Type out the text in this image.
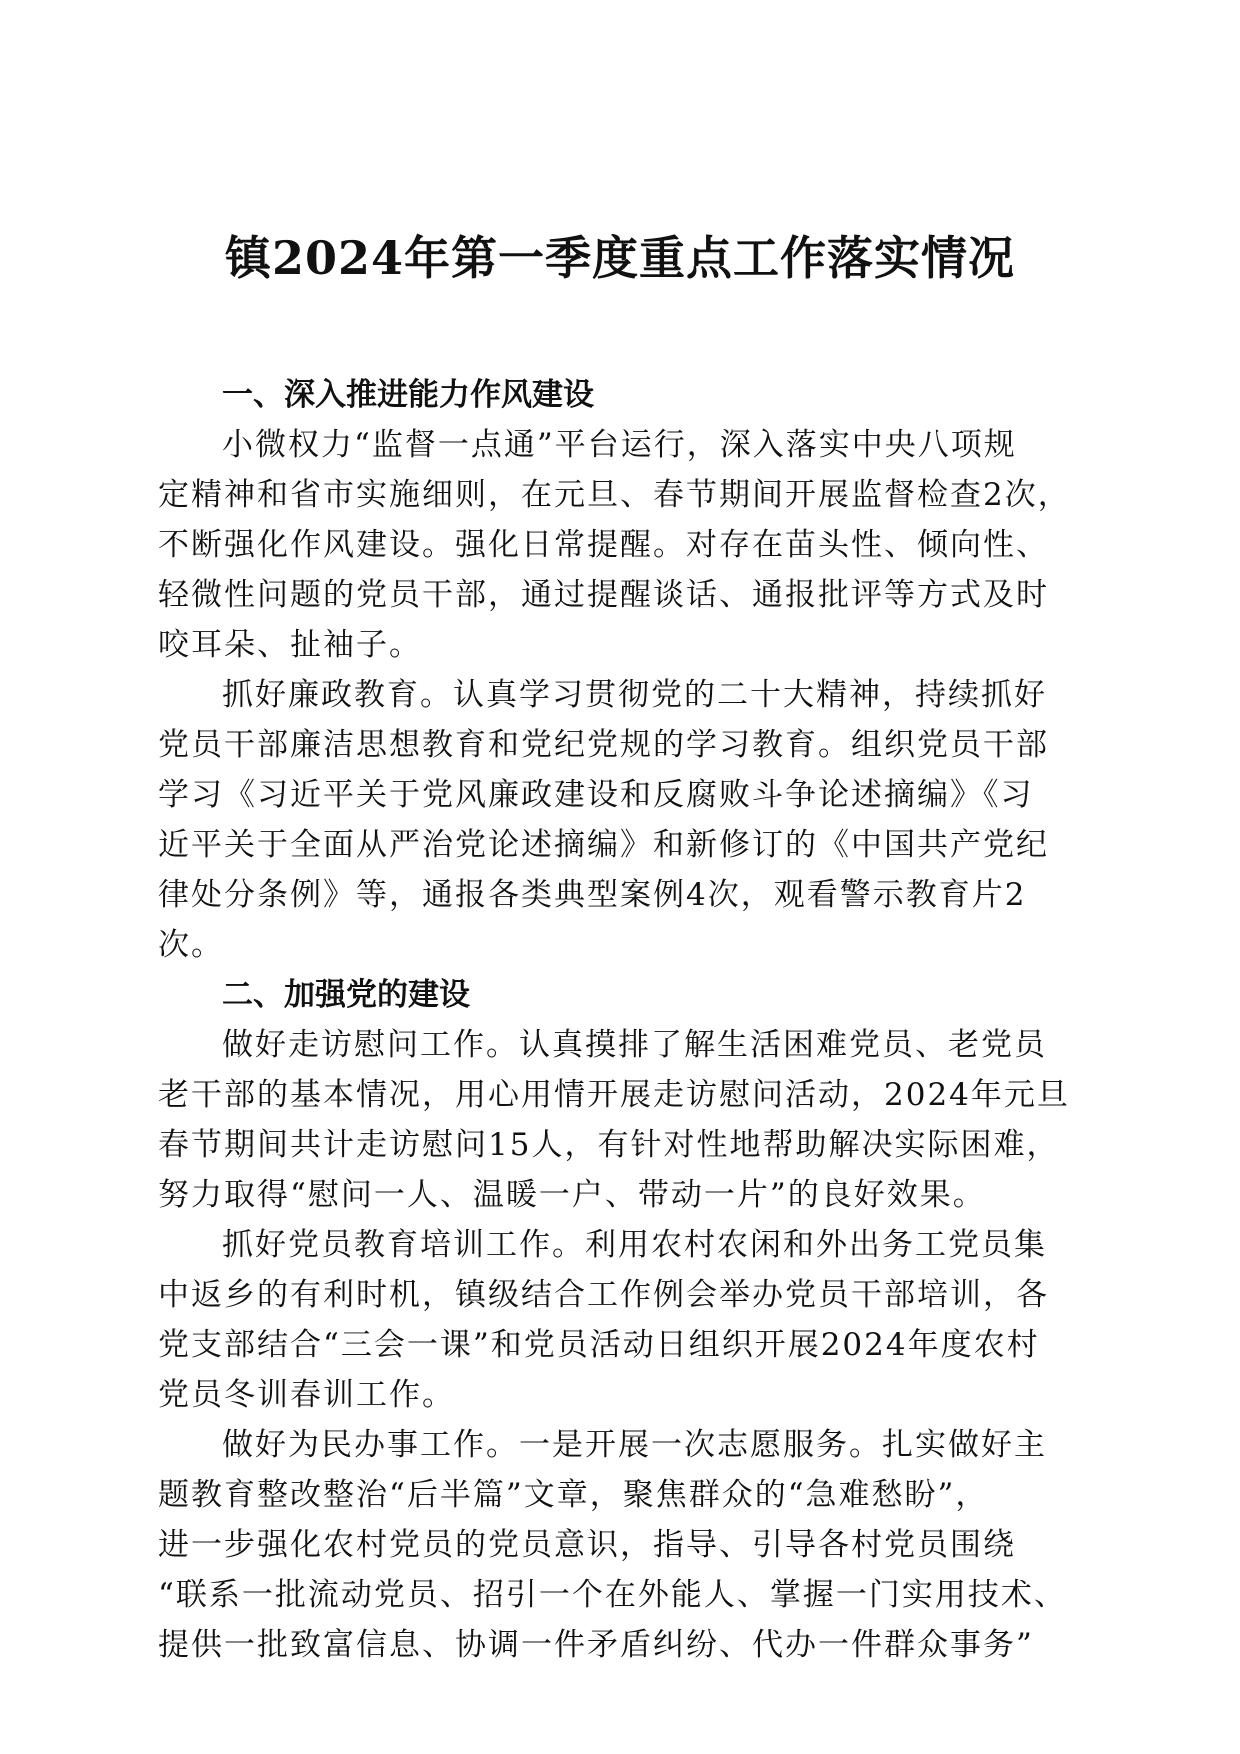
镇2024年第一季度重点工作落实情况
一、深入推进能力作风建设

小微权力“监督一点通”平台运行，深入落实中央八项规
定精神和省市实施细则，在元旦、春节期间开展监督检查2次，
不断强化作风建设。强化日常提醒。对存在苗头性、倾向性、
轻微性问题的党员干部，通过提醒谈话、通报批评等方式及时
咬耳朵、扯袖子。

抓好廉政教育。认真学习贯彻党的二十大精神，持续抓好
党员干部廉洁思想教育和党纪党规的学习教育。组织党员干部
学习《习近平关于党风廉政建设和反腐败斗争论述摘编》《习
近平关于全面从严治党论述摘编》和新修订的《中国共产党纪
律处分条例》等，通报各类典型案例4次，观看警示教育片2
次。

二、加强党的建设

做好走访慰问工作。认真摸排了解生活困难党员、老党员
老干部的基本情况，用心用情开展走访慰问活动，2024年元旦
春节期间共计走访慰问15人，有针对性地帮助解决实际困难，
努力取得“慰问一人、温暖一户、带动一片”的良好效果。

抓好党员教育培训工作。利用农村农闲和外出务工党员集
中返乡的有利时机，镇级结合工作例会举办党员干部培训，各
党支部结合“三会一课”和党员活动日组织开展2024年度农村
党员冬训春训工作。

做好为民办事工作。一是开展一次志愿服务。扎实做好主
题教育整改整治“后半篇”文章，聚焦群众的“急难愁盼”，
进一步强化农村党员的党员意识，指导、引导各村党员围绕
“联系一批流动党员、招引一个在外能人、掌握一门实用技术、
提供一批致富信息、协调一件矛盾纠纷、代办一件群众事务”
